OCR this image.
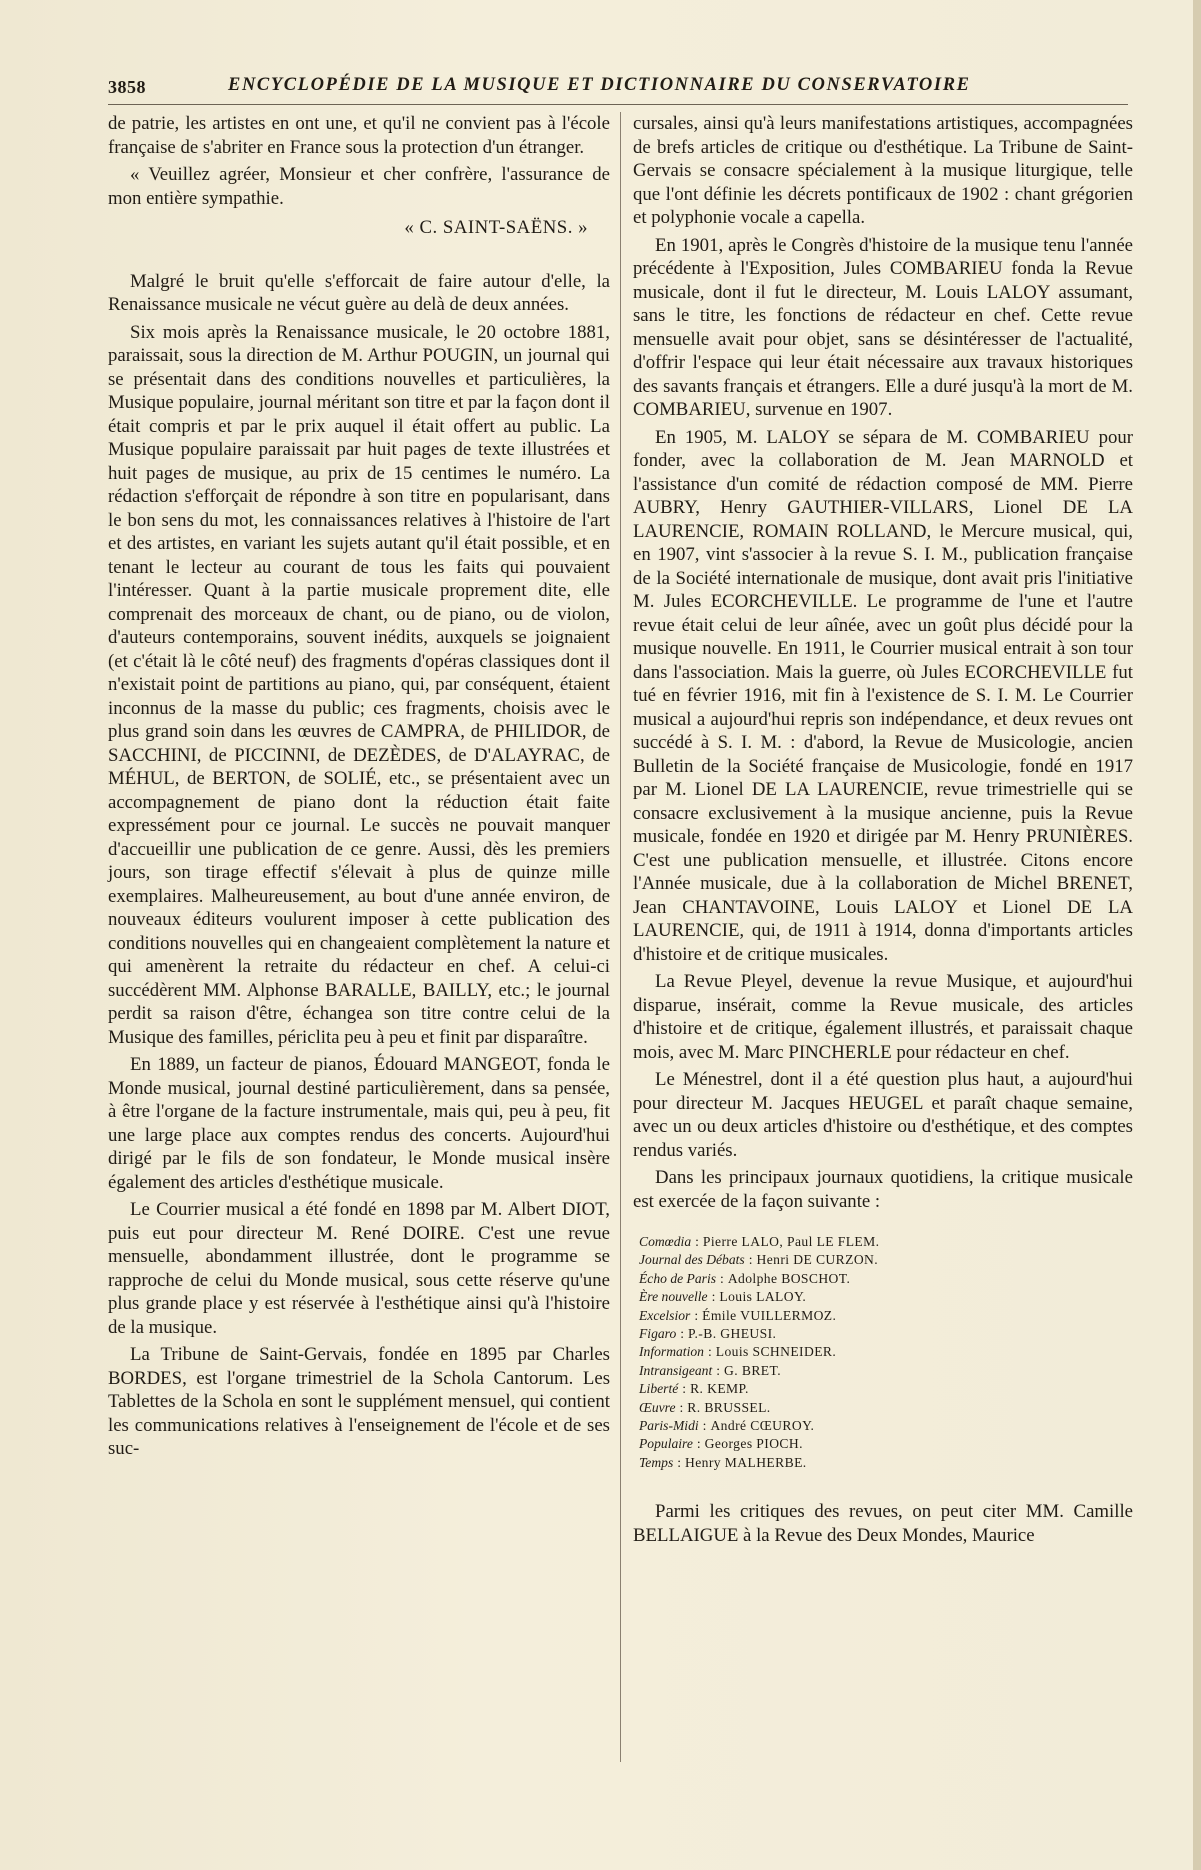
3858	ENCYCLOPÉDIE DE LA MUSIQUE ET DICTIONNAIRE DU CONSERVATOIRE

de patrie, les artistes en ont une, et qu'il ne convient pas à l'école française de s'abriter en France sous la protection d'un étranger.

« Veuillez agréer, Monsieur et cher confrère, l'assurance de mon entière sympathie.

« C. SAINT-SAËNS. »

Malgré le bruit qu'elle s'efforcait de faire autour d'elle, la Renaissance musicale ne vécut guère au delà de deux années.

Six mois après la Renaissance musicale, le 20 octobre 1881, paraissait, sous la direction de M. Arthur POUGIN, un journal qui se présentait dans des conditions nouvelles et particulières, la Musique populaire, journal méritant son titre et par la façon dont il était compris et par le prix auquel il était offert au public. La Musique populaire paraissait par huit pages de texte illustrées et huit pages de musique, au prix de 15 centimes le numéro. La rédaction s'efforçait de répondre à son titre en popularisant, dans le bon sens du mot, les connaissances relatives à l'histoire de l'art et des artistes, en variant les sujets autant qu'il était possible, et en tenant le lecteur au courant de tous les faits qui pouvaient l'intéresser. Quant à la partie musicale proprement dite, elle comprenait des morceaux de chant, ou de piano, ou de violon, d'auteurs contemporains, souvent inédits, auxquels se joignaient (et c'était là le côté neuf) des fragments d'opéras classiques dont il n'existait point de partitions au piano, qui, par conséquent, étaient inconnus de la masse du public; ces fragments, choisis avec le plus grand soin dans les œuvres de CAMPRA, de PHILIDOR, de SACCHINI, de PICCINNI, de DEZÈDES, de D'ALAYRAC, de MÉHUL, de BERTON, de SOLIÉ, etc., se présentaient avec un accompagnement de piano dont la réduction était faite expressément pour ce journal. Le succès ne pouvait manquer d'accueillir une publication de ce genre. Aussi, dès les premiers jours, son tirage effectif s'élevait à plus de quinze mille exemplaires. Malheureusement, au bout d'une année environ, de nouveaux éditeurs voulurent imposer à cette publication des conditions nouvelles qui en changeaient complètement la nature et qui amenèrent la retraite du rédacteur en chef. A celui-ci succédèrent MM. Alphonse BARALLE, BAILLY, etc.; le journal perdit sa raison d'être, échangea son titre contre celui de la Musique des familles, périclita peu à peu et finit par disparaître.

En 1889, un facteur de pianos, Édouard MANGEOT, fonda le Monde musical, journal destiné particulièrement, dans sa pensée, à être l'organe de la facture instrumentale, mais qui, peu à peu, fit une large place aux comptes rendus des concerts. Aujourd'hui dirigé par le fils de son fondateur, le Monde musical insère également des articles d'esthétique musicale.

Le Courrier musical a été fondé en 1898 par M. Albert DIOT, puis eut pour directeur M. René DOIRE. C'est une revue mensuelle, abondamment illustrée, dont le programme se rapproche de celui du Monde musical, sous cette réserve qu'une plus grande place y est réservée à l'esthétique ainsi qu'à l'histoire de la musique.

La Tribune de Saint-Gervais, fondée en 1895 par Charles BORDES, est l'organe trimestriel de la Schola Cantorum. Les Tablettes de la Schola en sont le supplément mensuel, qui contient les communications relatives à l'enseignement de l'école et de ses suc-

cursales, ainsi qu'à leurs manifestations artistiques, accompagnées de brefs articles de critique ou d'esthétique. La Tribune de Saint-Gervais se consacre spécialement à la musique liturgique, telle que l'ont définie les décrets pontificaux de 1902 : chant grégorien et polyphonie vocale a capella.

En 1901, après le Congrès d'histoire de la musique tenu l'année précédente à l'Exposition, Jules COMBARIEU fonda la Revue musicale, dont il fut le directeur, M. Louis LALOY assumant, sans le titre, les fonctions de rédacteur en chef. Cette revue mensuelle avait pour objet, sans se désintéresser de l'actualité, d'offrir l'espace qui leur était nécessaire aux travaux historiques des savants français et étrangers. Elle a duré jusqu'à la mort de M. COMBARIEU, survenue en 1907.

En 1905, M. LALOY se sépara de M. COMBARIEU pour fonder, avec la collaboration de M. Jean MARNOLD et l'assistance d'un comité de rédaction composé de MM. Pierre AUBRY, Henry GAUTHIER-VILLARS, Lionel DE LA LAURENCIE, ROMAIN ROLLAND, le Mercure musical, qui, en 1907, vint s'associer à la revue S. I. M., publication française de la Société internationale de musique, dont avait pris l'initiative M. Jules ECORCHEVILLE. Le programme de l'une et l'autre revue était celui de leur aînée, avec un goût plus décidé pour la musique nouvelle. En 1911, le Courrier musical entrait à son tour dans l'association. Mais la guerre, où Jules ECORCHEVILLE fut tué en février 1916, mit fin à l'existence de S. I. M. Le Courrier musical a aujourd'hui repris son indépendance, et deux revues ont succédé à S. I. M. : d'abord, la Revue de Musicologie, ancien Bulletin de la Société française de Musicologie, fondé en 1917 par M. Lionel DE LA LAURENCIE, revue trimestrielle qui se consacre exclusivement à la musique ancienne, puis la Revue musicale, fondée en 1920 et dirigée par M. Henry PRUNIÈRES. C'est une publication mensuelle, et illustrée. Citons encore l'Année musicale, due à la collaboration de Michel BRENET, Jean CHANTAVOINE, Louis LALOY et Lionel DE LA LAURENCIE, qui, de 1911 à 1914, donna d'importants articles d'histoire et de critique musicales.

La Revue Pleyel, devenue la revue Musique, et aujourd'hui disparue, insérait, comme la Revue musicale, des articles d'histoire et de critique, également illustrés, et paraissait chaque mois, avec M. Marc PINCHERLE pour rédacteur en chef.

Le Ménestrel, dont il a été question plus haut, a aujourd'hui pour directeur M. Jacques HEUGEL et paraît chaque semaine, avec un ou deux articles d'histoire ou d'esthétique, et des comptes rendus variés.

Dans les principaux journaux quotidiens, la critique musicale est exercée de la façon suivante :

Comœdia : Pierre LALO, Paul LE FLEM.
Journal des Débats : Henri DE CURZON.
Écho de Paris : Adolphe BOSCHOT.
Ère nouvelle : Louis LALOY.
Excelsior : Émile VUILLERMOZ.
Figaro : P.-B. GHEUSI.
Information : Louis SCHNEIDER.
Intransigeant : G. BRET.
Liberté : R. KEMP.
Œuvre : R. BRUSSEL.
Paris-Midi : André CŒUROY.
Populaire : Georges PIOCH.
Temps : Henry MALHERBE.

Parmi les critiques des revues, on peut citer MM. Camille BELLAIGUE à la Revue des Deux Mondes, Maurice
